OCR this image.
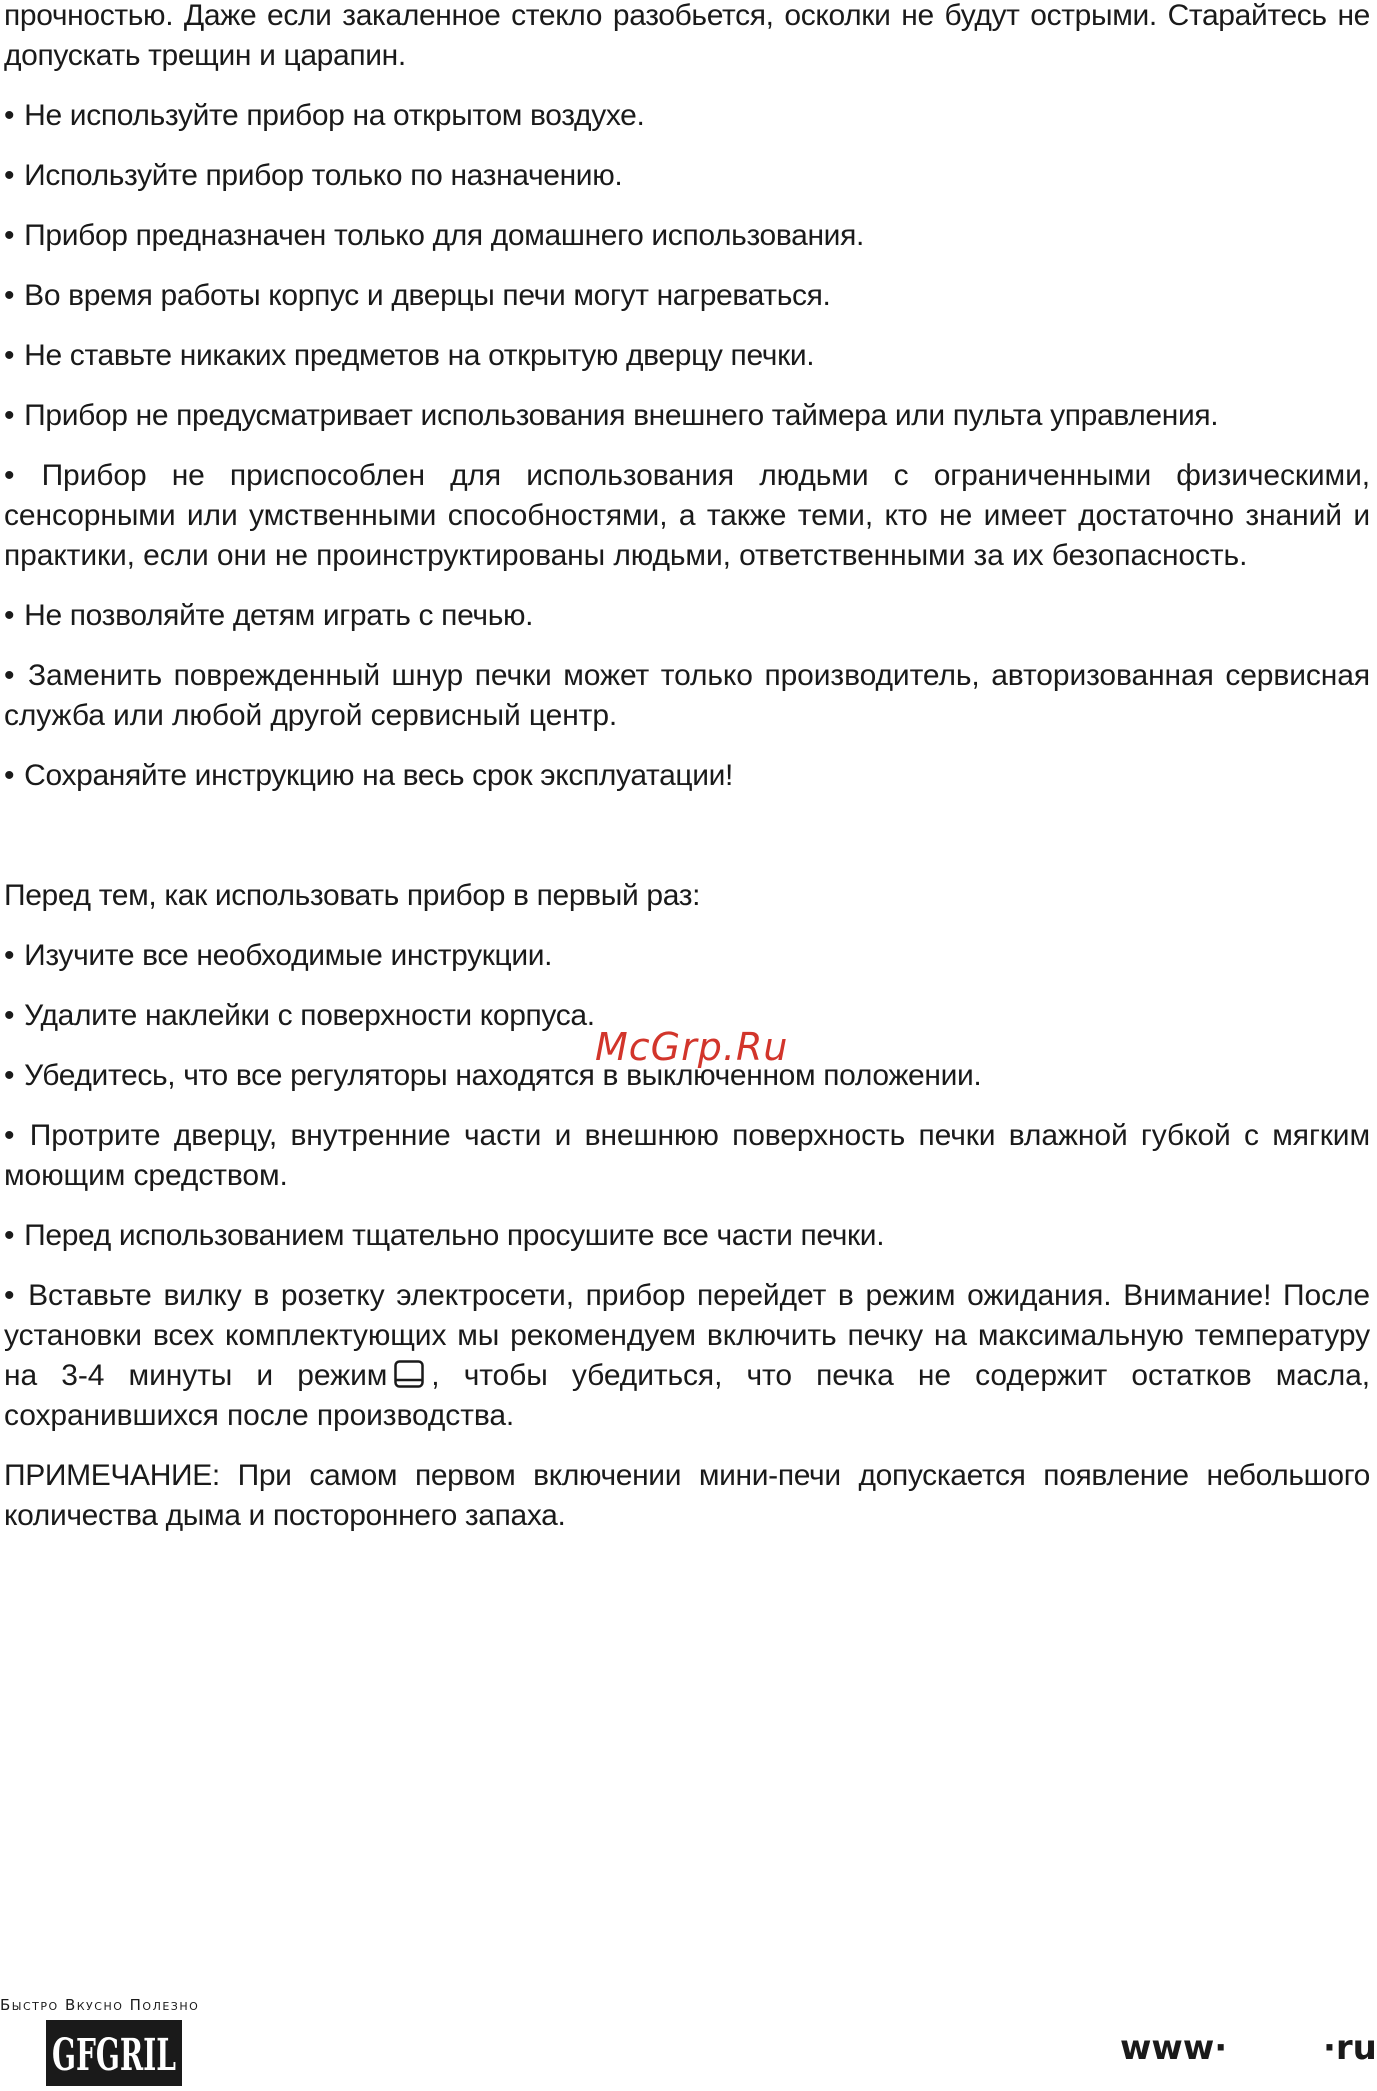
прочностью. Даже если закаленное стекло разобьется, осколки не будут острыми. Старайтесь не допускать трещин и царапин.

• Не используйте прибор на открытом воздухе.
• Используйте прибор только по назначению.
• Прибор предназначен только для домашнего использования.
• Во время работы корпус и дверцы печи могут нагреваться.
• Не ставьте никаких предметов на открытую дверцу печки.
• Прибор не предусматривает использования внешнего таймера или пульта управления.
• Прибор не приспособлен для использования людьми с ограниченными физическими, сенсорными или умственными способностями, а также теми, кто не имеет достаточно знаний и практики, если они не проинструктированы людьми, ответственными за их безопасность.
• Не позволяйте детям играть с печью.
• Заменить поврежденный шнур печки может только производитель, авторизованная сервисная служба или любой другой сервисный центр.
• Сохраняйте инструкцию на весь срок эксплуатации!

Перед тем, как использовать прибор в первый раз:

• Изучите все необходимые инструкции.
• Удалите наклейки с поверхности корпуса.
• Убедитесь, что все регуляторы находятся в выключенном положении.
• Протрите дверцу, внутренние части и внешнюю поверхность печки влажной губкой с мягким моющим средством.
• Перед использованием тщательно просушите все части печки.
• Вставьте вилку в розетку электросети, прибор перейдет в режим ожидания. Внимание! После установки всех комплектующих мы рекомендуем включить печку на максимальную температуру на 3-4 минуты и режим , чтобы убедиться, что печка не содержит остатков масла, сохранившихся после производства.

ПРИМЕЧАНИЕ: При самом первом включении мини-печи допускается появление небольшого количества дыма и постороннего запаха.

McGrp.Ru
Быстро Вкусно Полезно
GFGRIL	www·	·ru
